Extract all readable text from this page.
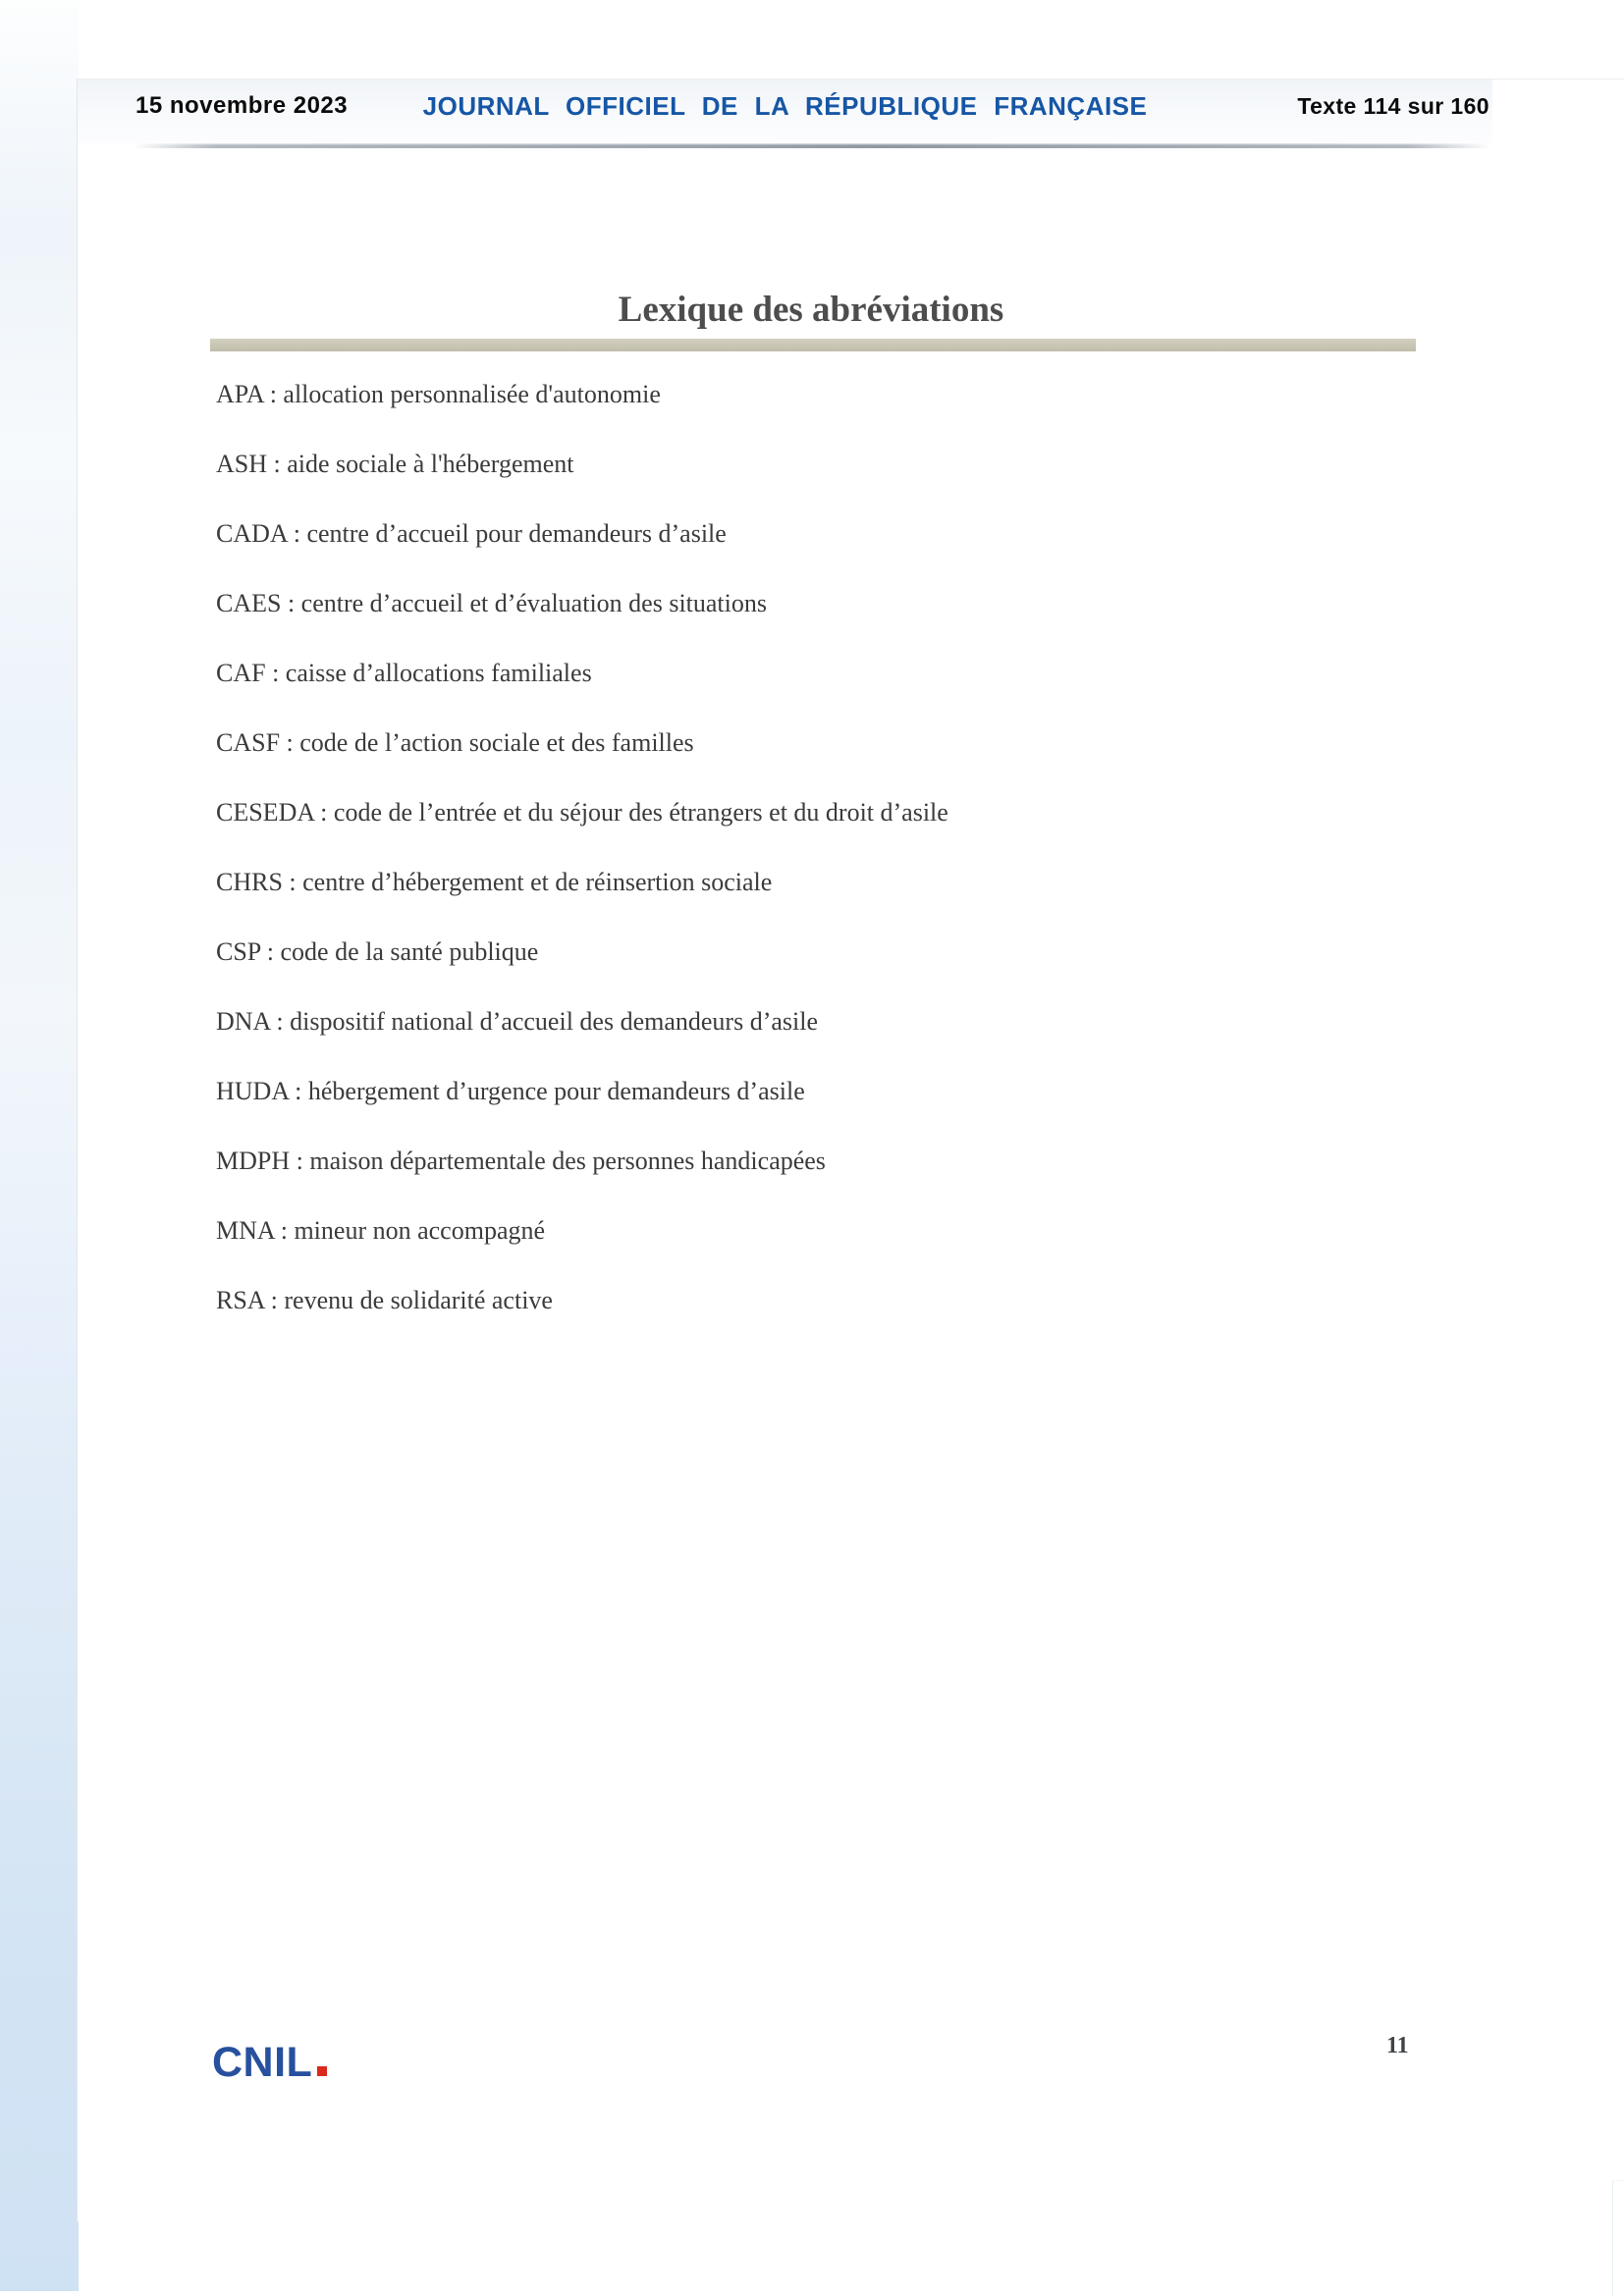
15 novembre 2023	JOURNAL OFFICIEL DE LA RÉPUBLIQUE FRANÇAISE	Texte 114 sur 160
Lexique des abréviations
APA : allocation personnalisée d'autonomie
ASH : aide sociale à l'hébergement
CADA : centre d’accueil pour demandeurs d’asile
CAES : centre d’accueil et d’évaluation des situations
CAF : caisse d’allocations familiales
CASF : code de l’action sociale et des familles
CESEDA : code de l’entrée et du séjour des étrangers et du droit d’asile
CHRS : centre d’hébergement et de réinsertion sociale
CSP : code de la santé publique
DNA : dispositif national d’accueil des demandeurs d’asile
HUDA : hébergement d’urgence pour demandeurs d’asile
MDPH : maison départementale des personnes handicapées
MNA : mineur non accompagné
RSA : revenu de solidarité active
CNIL	11
